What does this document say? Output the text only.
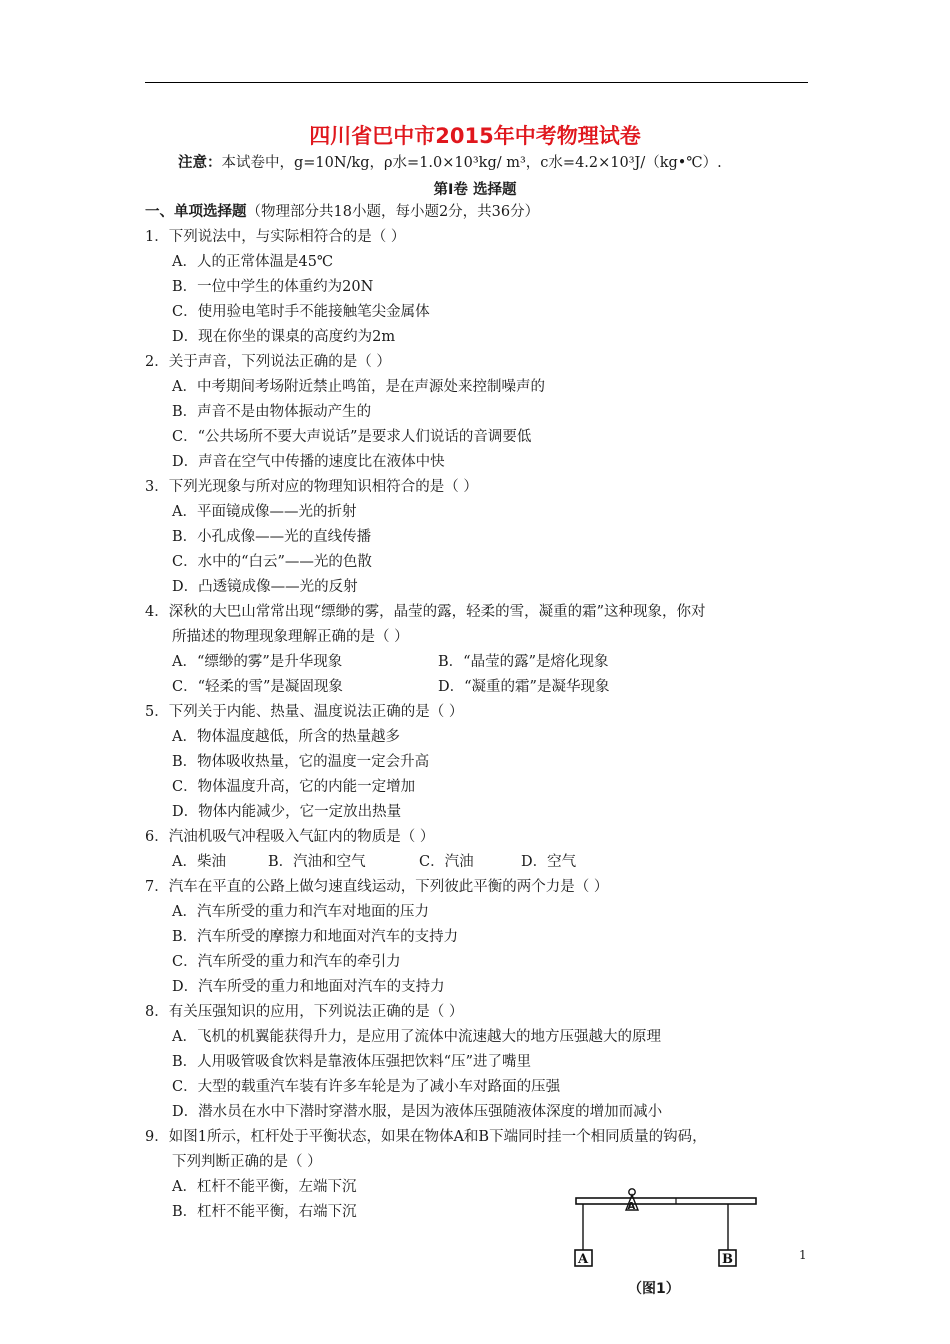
四川省巴中市2015年中考物理试卷
注意：本试卷中，g=10N/kg，ρ水=1.0×10³kg/ m³，c水=4.2×10³J/（kg•℃）.
第Ⅰ卷 选择题
一、单项选择题（物理部分共18小题，每小题2分，共36分）
1．下列说法中，与实际相符合的是（ ）
A．人的正常体温是45℃
B．一位中学生的体重约为20N
C．使用验电笔时手不能接触笔尖金属体
D．现在你坐的课桌的高度约为2m
2．关于声音，下列说法正确的是（ ）
A．中考期间考场附近禁止鸣笛，是在声源处来控制噪声的
B．声音不是由物体振动产生的
C．“公共场所不要大声说话”是要求人们说话的音调要低
D．声音在空气中传播的速度比在液体中快
3．下列光现象与所对应的物理知识相符合的是（ ）
A．平面镜成像——光的折射
B．小孔成像——光的直线传播
C．水中的“白云”——光的色散
D．凸透镜成像——光的反射
4．深秋的大巴山常常出现“缥缈的雾，晶莹的露，轻柔的雪，凝重的霜”这种现象，你对
所描述的物理现象理解正确的是（ ）
A．“缥缈的雾”是升华现象	B．“晶莹的露”是熔化现象
C．“轻柔的雪”是凝固现象	D．“凝重的霜”是凝华现象
5．下列关于内能、热量、温度说法正确的是（ ）
A．物体温度越低，所含的热量越多
B．物体吸收热量，它的温度一定会升高
C．物体温度升高，它的内能一定增加
D．物体内能减少，它一定放出热量
6．汽油机吸气冲程吸入气缸内的物质是（ ）
A．柴油	B．汽油和空气	C．汽油	D．空气
7．汽车在平直的公路上做匀速直线运动，下列彼此平衡的两个力是（ ）
A．汽车所受的重力和汽车对地面的压力
B．汽车所受的摩擦力和地面对汽车的支持力
C．汽车所受的重力和汽车的牵引力
D．汽车所受的重力和地面对汽车的支持力
8．有关压强知识的应用，下列说法正确的是（ ）
A．飞机的机翼能获得升力，是应用了流体中流速越大的地方压强越大的原理
B．人用吸管吸食饮料是靠液体压强把饮料“压”进了嘴里
C．大型的载重汽车装有许多车轮是为了减小车对路面的压强
D．潜水员在水中下潜时穿潜水服，是因为液体压强随液体深度的增加而减小
9．如图1所示，杠杆处于平衡状态，如果在物体A和B下端同时挂一个相同质量的钩码，
下列判断正确的是（ ）
A．杠杆不能平衡，左端下沉
B．杠杆不能平衡，右端下沉	A
A	B
（图1）
1
